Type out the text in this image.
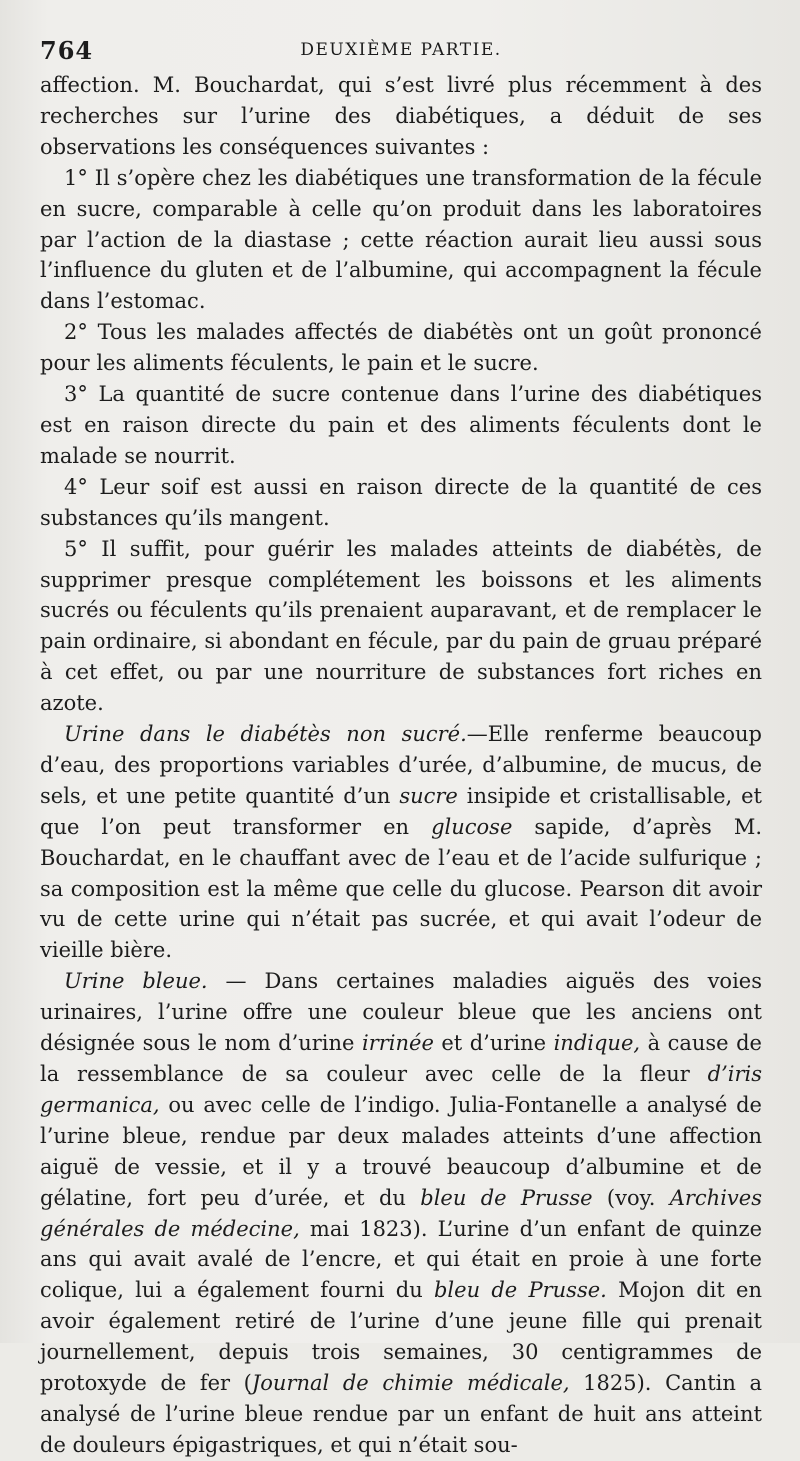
764	DEUXIÈME PARTIE.

affection. M. Bouchardat, qui s’est livré plus récemment à des recherches sur l’urine des diabétiques, a déduit de ses observations les conséquences suivantes :

1° Il s’opère chez les diabétiques une transformation de la fécule en sucre, comparable à celle qu’on produit dans les laboratoires par l’action de la diastase ; cette réaction aurait lieu aussi sous l’influence du gluten et de l’albumine, qui accompagnent la fécule dans l’estomac.

2° Tous les malades affectés de diabétès ont un goût prononcé pour les aliments féculents, le pain et le sucre.

3° La quantité de sucre contenue dans l’urine des diabétiques est en raison directe du pain et des aliments féculents dont le malade se nourrit.

4° Leur soif est aussi en raison directe de la quantité de ces substances qu’ils mangent.

5° Il suffit, pour guérir les malades atteints de diabétès, de supprimer presque complétement les boissons et les aliments sucrés ou féculents qu’ils prenaient auparavant, et de remplacer le pain ordinaire, si abondant en fécule, par du pain de gruau préparé à cet effet, ou par une nourriture de substances fort riches en azote.

Urine dans le diabétès non sucré.—Elle renferme beaucoup d’eau, des proportions variables d’urée, d’albumine, de mucus, de sels, et une petite quantité d’un sucre insipide et cristallisable, et que l’on peut transformer en glucose sapide, d’après M. Bouchardat, en le chauffant avec de l’eau et de l’acide sulfurique ; sa composition est la même que celle du glucose. Pearson dit avoir vu de cette urine qui n’était pas sucrée, et qui avait l’odeur de vieille bière.

Urine bleue. — Dans certaines maladies aiguës des voies urinaires, l’urine offre une couleur bleue que les anciens ont désignée sous le nom d’urine irrinée et d’urine indique, à cause de la ressemblance de sa couleur avec celle de la fleur d’iris germanica, ou avec celle de l’indigo. Julia-Fontanelle a analysé de l’urine bleue, rendue par deux malades atteints d’une affection aiguë de vessie, et il y a trouvé beaucoup d’albumine et de gélatine, fort peu d’urée, et du bleu de Prusse (voy. Archives générales de médecine, mai 1823). L’urine d’un enfant de quinze ans qui avait avalé de l’encre, et qui était en proie à une forte colique, lui a également fourni du bleu de Prusse. Mojon dit en avoir également retiré de l’urine d’une jeune fille qui prenait journellement, depuis trois semaines, 30 centigrammes de protoxyde de fer (Journal de chimie médicale, 1825). Cantin a analysé de l’urine bleue rendue par un enfant de huit ans atteint de douleurs épigastriques, et qui n’était sou-
